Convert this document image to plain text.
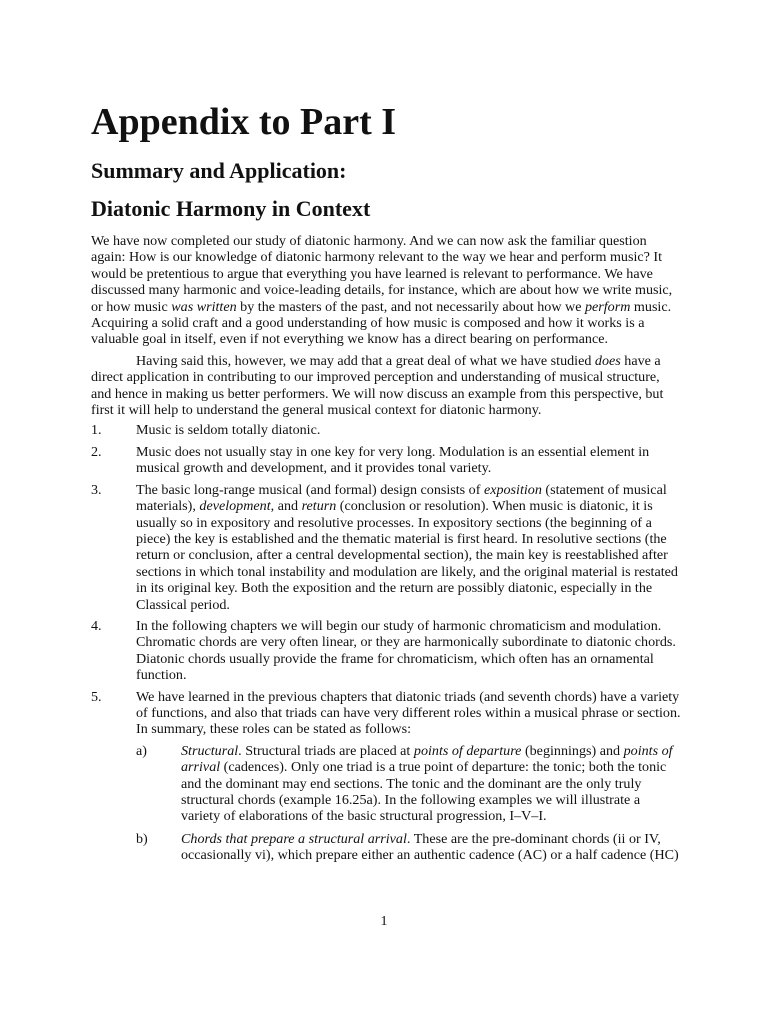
Appendix to Part I
Summary and Application:
Diatonic Harmony in Context

We have now completed our study of diatonic harmony. And we can now ask the familiar question again: How is our knowledge of diatonic harmony relevant to the way we hear and perform music? It would be pretentious to argue that everything you have learned is relevant to performance. We have discussed many harmonic and voice-leading details, for instance, which are about how we write music, or how music was written by the masters of the past, and not necessarily about how we perform music. Acquiring a solid craft and a good understanding of how music is composed and how it works is a valuable goal in itself, even if not everything we know has a direct bearing on performance.

Having said this, however, we may add that a great deal of what we have studied does have a direct application in contributing to our improved perception and understanding of musical structure, and hence in making us better performers. We will now discuss an example from this perspective, but first it will help to understand the general musical context for diatonic harmony.

1.	Music is seldom totally diatonic.
2.	Music does not usually stay in one key for very long. Modulation is an essential element in musical growth and development, and it provides tonal variety.
3.	The basic long-range musical (and formal) design consists of exposition (statement of musical materials), development, and return (conclusion or resolution). When music is diatonic, it is usually so in expository and resolutive processes. In expository sections (the beginning of a piece) the key is established and the thematic material is first heard. In resolutive sections (the return or conclusion, after a central developmental section), the main key is reestablished after sections in which tonal instability and modulation are likely, and the original material is restated in its original key. Both the exposition and the return are possibly diatonic, especially in the Classical period.
4.	In the following chapters we will begin our study of harmonic chromaticism and modulation. Chromatic chords are very often linear, or they are harmonically subordinate to diatonic chords. Diatonic chords usually provide the frame for chromaticism, which often has an ornamental function.
5.	We have learned in the previous chapters that diatonic triads (and seventh chords) have a variety of functions, and also that triads can have very different roles within a musical phrase or section. In summary, these roles can be stated as follows:
a)	Structural. Structural triads are placed at points of departure (beginnings) and points of arrival (cadences). Only one triad is a true point of departure: the tonic; both the tonic and the dominant may end sections. The tonic and the dominant are the only truly structural chords (example 16.25a). In the following examples we will illustrate a variety of elaborations of the basic structural progression, I–V–I.
b)	Chords that prepare a structural arrival. These are the pre-dominant chords (ii or IV, occasionally vi), which prepare either an authentic cadence (AC) or a half cadence (HC)
1
